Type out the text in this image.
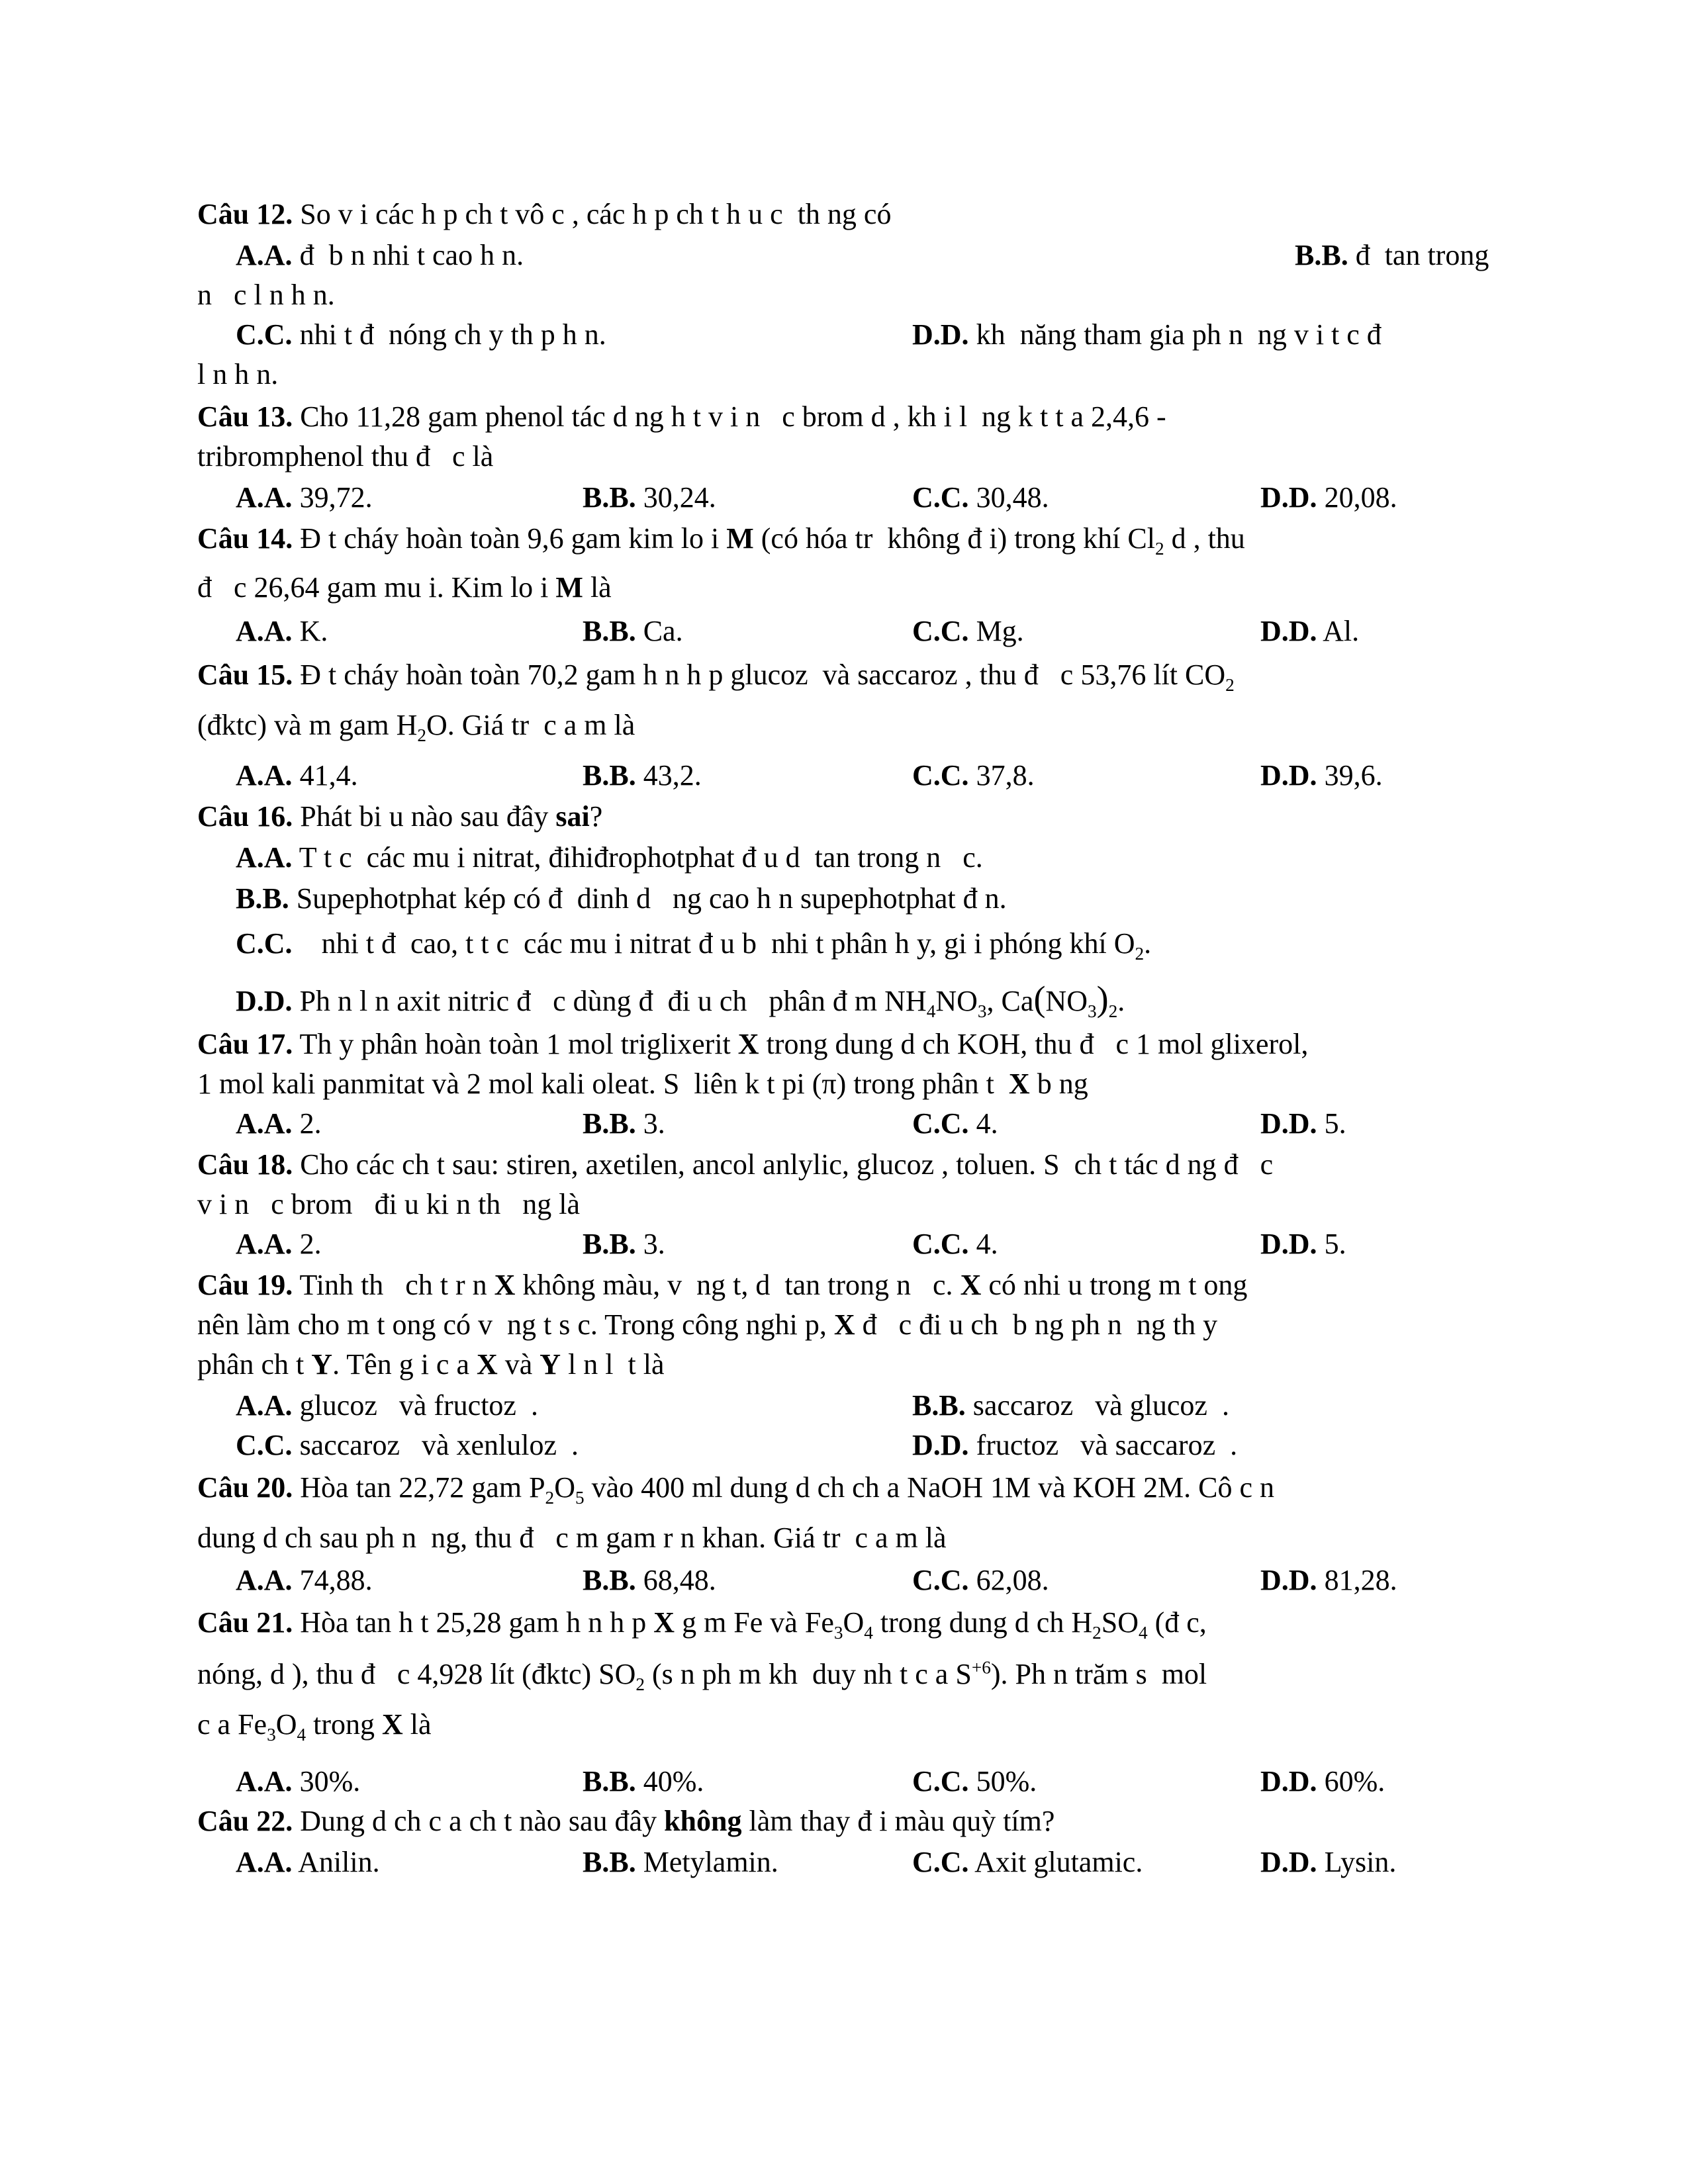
Câu 12. So v i các h p ch t vô c , các h p ch t h u c  th ng có
A.A. đ  b n nhi t cao h n.	B.B. đ  tan trong
n   c l n h n.
C.C. nhi t đ  nóng ch y th p h n.	D.D. kh  năng tham gia ph n  ng v i t c đ
l n h n.
Câu 13. Cho 11,28 gam phenol tác d ng h t v i n   c brom d , kh i l  ng k t t a 2,4,6 -
tribromphenol thu đ   c là
A.A. 39,72.	B.B. 30,24.	C.C. 30,48.	D.D. 20,08.
Câu 14. Đ t cháy hoàn toàn 9,6 gam kim lo i M (có hóa tr  không đ i) trong khí $Cl_2$ d , thu
đ   c 26,64 gam mu i. Kim lo i M là
A.A. K.	B.B. Ca.	C.C. Mg.	D.D. Al.
Câu 15. Đ t cháy hoàn toàn 70,2 gam h n h p glucoz  và saccaroz , thu đ   c 53,76 lít $CO_2$
(đktc) và m gam $H_2O$. Giá tr  c a m là
A.A. 41,4.	B.B. 43,2.	C.C. 37,8.	D.D. 39,6.
Câu 16. Phát bi u nào sau đây sai?
A.A. T t c  các mu i nitrat, đihiđrophotphat đ u d  tan trong n   c.
B.B. Supephotphat kép có đ  dinh d   ng cao h n supephotphat đ n.
C.C.    nhi t đ  cao, t t c  các mu i nitrat đ u b  nhi t phân h y, gi i phóng khí $O_2$.
D.D. Ph n l n axit nitric đ   c dùng đ  đi u ch   phân đ m $NH_4NO_3$, $Ca(NO_3)_2$.
Câu 17. Th y phân hoàn toàn 1 mol triglixerit X trong dung d ch KOH, thu đ   c 1 mol glixerol,
1 mol kali panmitat và 2 mol kali oleat. S  liên k t pi (π) trong phân t  X b ng
A.A. 2.	B.B. 3.	C.C. 4.	D.D. 5.
Câu 18. Cho các ch t sau: stiren, axetilen, ancol anlylic, glucoz , toluen. S  ch t tác d ng đ   c
v i n   c brom   đi u ki n th   ng là
A.A. 2.	B.B. 3.	C.C. 4.	D.D. 5.
Câu 19. Tinh th   ch t r n X không màu, v  ng t, d  tan trong n   c. X có nhi u trong m t ong
nên làm cho m t ong có v  ng t s c. Trong công nghi p, X đ   c đi u ch  b ng ph n  ng th y
phân ch t Y. Tên g i c a X và Y l n l  t là
A.A. glucoz   và fructoz  .	B.B. saccaroz   và glucoz  .
C.C. saccaroz   và xenluloz  .	D.D. fructoz   và saccaroz  .
Câu 20. Hòa tan 22,72 gam $P_2O_5$ vào 400 ml dung d ch ch a NaOH 1M và KOH 2M. Cô c n
dung d ch sau ph n  ng, thu đ   c m gam r n khan. Giá tr  c a m là
A.A. 74,88.	B.B. 68,48.	C.C. 62,08.	D.D. 81,28.
Câu 21. Hòa tan h t 25,28 gam h n h p X g m Fe và $Fe_3O_4$ trong dung d ch $H_2SO_4$ (đ c,
nóng, d ), thu đ   c 4,928 lít (đktc) $SO_2$ (s n ph m kh  duy nh t c a $S^{+6}$). Ph n trăm s  mol
c a $Fe_3O_4$ trong X là
A.A. 30%.	B.B. 40%.	C.C. 50%.	D.D. 60%.
Câu 22. Dung d ch c a ch t nào sau đây không làm thay đ i màu quỳ tím?
A.A. Anilin.	B.B. Metylamin.	C.C. Axit glutamic.	D.D. Lysin.
